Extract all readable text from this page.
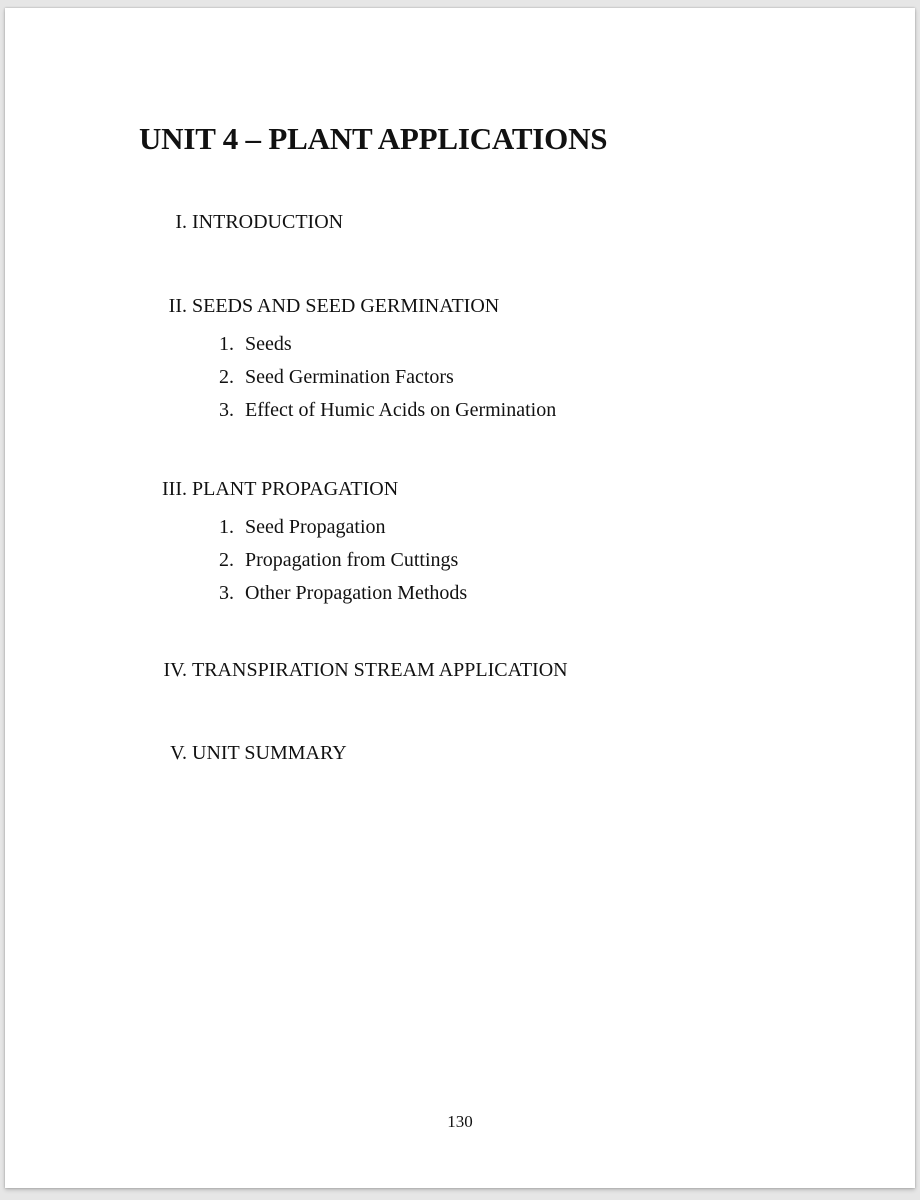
UNIT 4 – PLANT APPLICATIONS
I. INTRODUCTION
II. SEEDS AND SEED GERMINATION
1. Seeds
2. Seed Germination Factors
3. Effect of Humic Acids on Germination
III. PLANT PROPAGATION
1. Seed Propagation
2. Propagation from Cuttings
3. Other Propagation Methods
IV. TRANSPIRATION STREAM APPLICATION
V. UNIT SUMMARY
130
